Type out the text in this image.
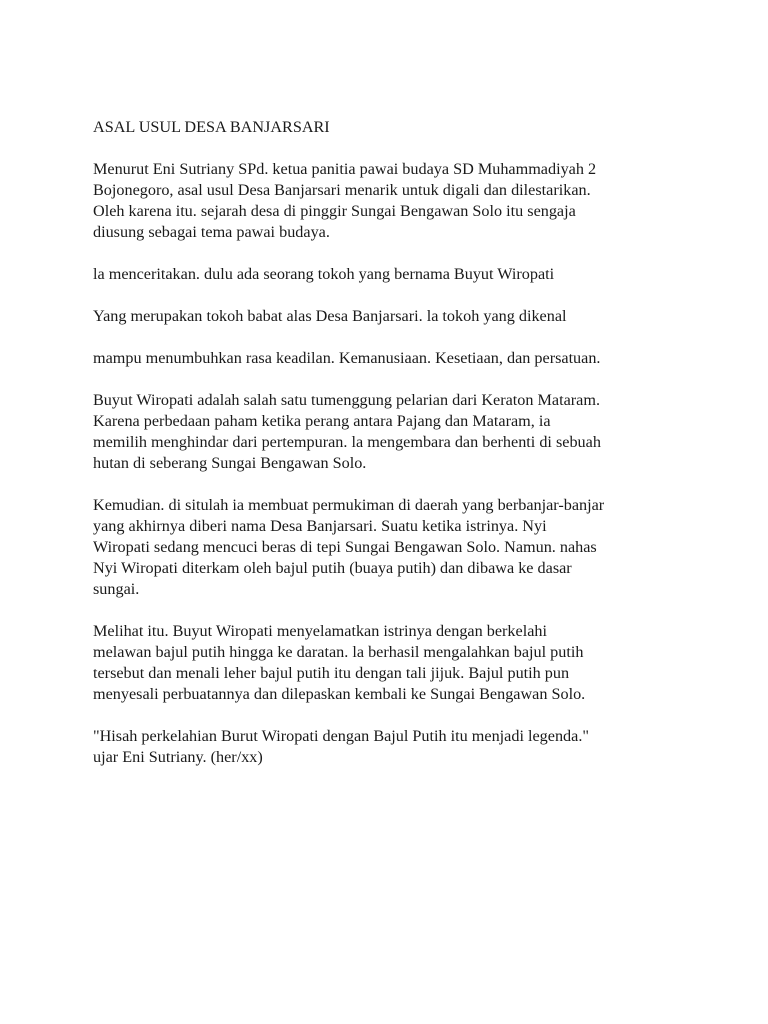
ASAL USUL DESA BANJARSARI
Menurut Eni Sutriany SPd. ketua panitia pawai budaya SD Muhammadiyah 2
Bojonegoro, asal usul Desa Banjarsari menarik untuk digali dan dilestarikan.
Oleh karena itu. sejarah desa di pinggir Sungai Bengawan Solo itu sengaja
diusung sebagai tema pawai budaya.
la menceritakan. dulu ada seorang tokoh yang bernama Buyut Wiropati
Yang merupakan tokoh babat alas Desa Banjarsari. la tokoh yang dikenal
mampu menumbuhkan rasa keadilan. Kemanusiaan. Kesetiaan, dan persatuan.
Buyut Wiropati adalah salah satu tumenggung pelarian dari Keraton Mataram.
Karena perbedaan paham ketika perang antara Pajang dan Mataram, ia
memilih menghindar dari pertempuran. la mengembara dan berhenti di sebuah
hutan di seberang Sungai Bengawan Solo.
Kemudian. di situlah ia membuat permukiman di daerah yang berbanjar-banjar
yang akhirnya diberi nama Desa Banjarsari. Suatu ketika istrinya. Nyi
Wiropati sedang mencuci beras di tepi Sungai Bengawan Solo. Namun. nahas
Nyi Wiropati diterkam oleh bajul putih (buaya putih) dan dibawa ke dasar
sungai.
Melihat itu. Buyut Wiropati menyelamatkan istrinya dengan berkelahi
melawan bajul putih hingga ke daratan. la berhasil mengalahkan bajul putih
tersebut dan menali leher bajul putih itu dengan tali jijuk. Bajul putih pun
menyesali perbuatannya dan dilepaskan kembali ke Sungai Bengawan Solo.
"Hisah perkelahian Burut Wiropati dengan Bajul Putih itu menjadi legenda."
ujar Eni Sutriany. (her/xx)
